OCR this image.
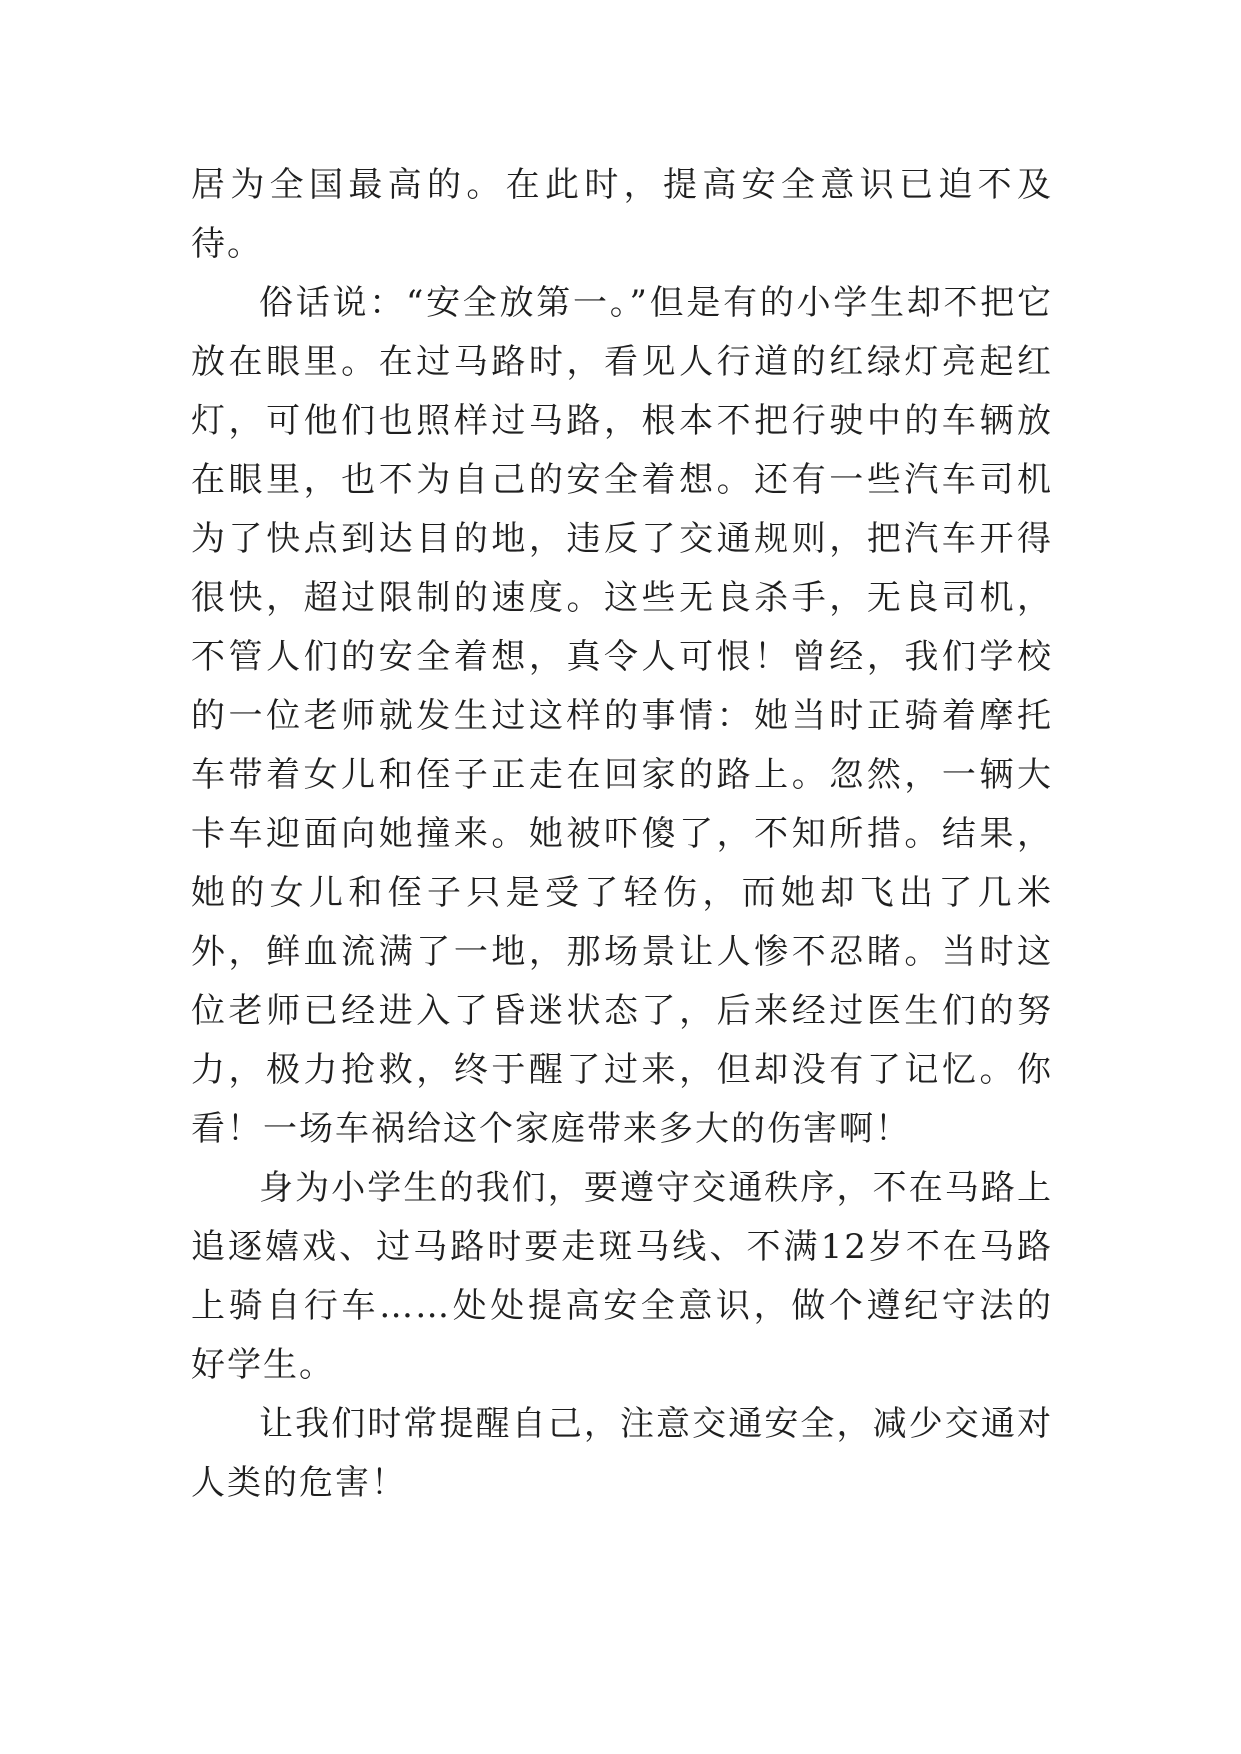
居为全国最高的。在此时，提高安全意识已迫不及待。

俗话说：“安全放第一。”但是有的小学生却不把它放在眼里。在过马路时，看见人行道的红绿灯亮起红灯，可他们也照样过马路，根本不把行驶中的车辆放在眼里，也不为自己的安全着想。还有一些汽车司机为了快点到达目的地，违反了交通规则，把汽车开得很快，超过限制的速度。这些无良杀手，无良司机，不管人们的安全着想，真令人可恨！曾经，我们学校的一位老师就发生过这样的事情：她当时正骑着摩托车带着女儿和侄子正走在回家的路上。忽然，一辆大卡车迎面向她撞来。她被吓傻了，不知所措。结果，她的女儿和侄子只是受了轻伤，而她却飞出了几米外，鲜血流满了一地，那场景让人惨不忍睹。当时这位老师已经进入了昏迷状态了，后来经过医生们的努力，极力抢救，终于醒了过来，但却没有了记忆。你看！一场车祸给这个家庭带来多大的伤害啊！

身为小学生的我们，要遵守交通秩序，不在马路上追逐嬉戏、过马路时要走斑马线、不满12岁不在马路上骑自行车……处处提高安全意识，做个遵纪守法的好学生。

让我们时常提醒自己，注意交通安全，减少交通对人类的危害！
